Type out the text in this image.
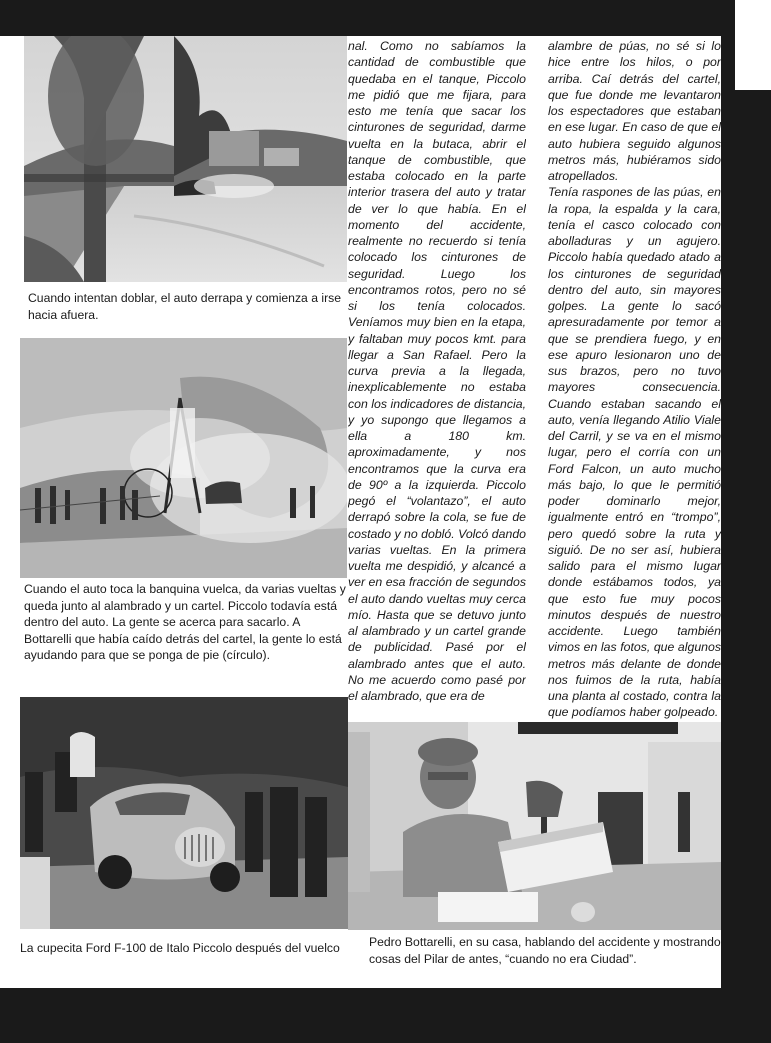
Cuando intentan doblar, el auto derrapa y comienza a irse hacia afuera.

Cuando el auto toca la banquina vuelca, da varias vueltas y queda junto al alambrado y un cartel. Piccolo todavía está dentro del auto. La gente se acerca para sacarlo. A Bottarelli que había caído detrás del cartel, la gente lo está ayudando para que se ponga de pie (círculo).

La cupecita Ford F-100 de Italo Piccolo después del vuelco	Pedro Bottarelli, en su casa, hablando del accidente y mostrando cosas del Pilar de antes, “cuando no era Ciudad”.

nal. Como no sabíamos la cantidad de combustible que quedaba en el tanque, Piccolo me pidió que me fijara, para esto me tenía que sacar los cinturones de seguridad, darme vuelta en la butaca, abrir el tanque de combustible, que estaba colocado en la parte interior trasera del auto y tratar de ver lo que había. En el momento del accidente, realmente no recuerdo si tenía colocado los cinturones de seguridad. Luego los encontramos rotos, pero no sé si los tenía colocados. Veníamos muy bien en la etapa, y faltaban muy pocos kmt. para llegar a San Rafael. Pero la curva previa a la llegada, inexplicablemente no estaba con los indicadores de distancia, y yo supongo que llegamos a ella a 180 km. aproximadamente, y nos encontramos que la curva era de 90º a la izquierda. Piccolo pegó el “volantazo”, el auto derrapó sobre la cola, se fue de costado y no dobló. Volcó dando varias vueltas. En la primera vuelta me despidió, y alcancé a ver en esa fracción de segundos el auto dando vueltas muy cerca mío. Hasta que se detuvo junto al alambrado y un cartel grande de publicidad. Pasé por el alambrado antes que el auto. No me acuerdo como pasé por el alambrado, que era de

alambre de púas, no sé si lo hice entre los hilos, o por arriba. Caí detrás del cartel, que fue donde me levantaron los espectadores que estaban en ese lugar. En caso de que el auto hubiera seguido algunos metros más, hubiéramos sido atropellados.

Tenía raspones de las púas, en la ropa, la espalda y la cara, tenía el casco colocado con abolladuras y un agujero. Piccolo había quedado atado a los cinturones de seguridad dentro del auto, sin mayores golpes. La gente lo sacó apresuradamente por temor a que se prendiera fuego, y en ese apuro lesionaron uno de sus brazos, pero no tuvo mayores consecuencia. Cuando estaban sacando el auto, venía llegando Atilio Viale del Carril, y se va en el mismo lugar, pero el corría con un Ford Falcon, un auto mucho más bajo, lo que le permitió poder dominarlo mejor, igualmente entró en “trompo”, pero quedó sobre la ruta y siguió. De no ser así, hubiera salido para el mismo lugar donde estábamos todos, ya que esto fue muy pocos minutos después de nuestro accidente. Luego también vimos en las fotos, que algunos metros más delante de donde nos fuimos de la ruta, había una planta al costado, contra la que podíamos haber golpeado.
